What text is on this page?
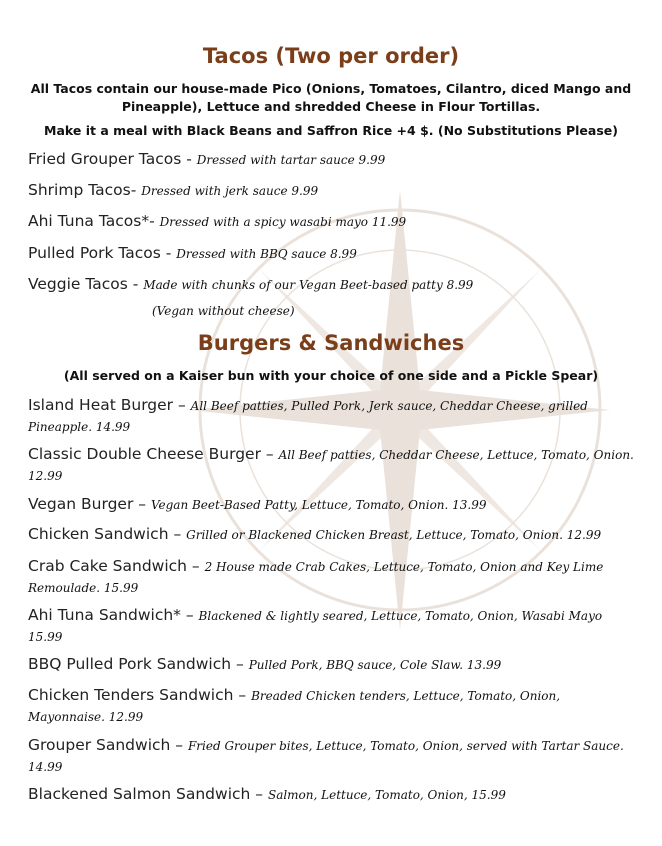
Tacos (Two per order)
All Tacos contain our house-made Pico (Onions, Tomatoes, Cilantro, diced Mango and Pineapple), Lettuce and shredded Cheese in Flour Tortillas.
Make it a meal with Black Beans and Saffron Rice +4 $. (No Substitutions Please)
Fried Grouper Tacos - Dressed with tartar sauce 9.99
Shrimp Tacos- Dressed with jerk sauce 9.99
Ahi Tuna Tacos*- Dressed with a spicy wasabi mayo 11.99
Pulled Pork Tacos - Dressed with BBQ sauce 8.99
Veggie Tacos - Made with chunks of our Vegan Beet-based patty 8.99
(Vegan without cheese)
Burgers & Sandwiches
(All served on a Kaiser bun with your choice of one side and a Pickle Spear)
Island Heat Burger – All Beef patties, Pulled Pork, Jerk sauce, Cheddar Cheese, grilled Pineapple. 14.99
Classic Double Cheese Burger – All Beef patties, Cheddar Cheese, Lettuce, Tomato, Onion. 12.99
Vegan Burger – Vegan Beet-Based Patty, Lettuce, Tomato, Onion. 13.99
Chicken Sandwich – Grilled or Blackened Chicken Breast, Lettuce, Tomato, Onion. 12.99
Crab Cake Sandwich – 2 House made Crab Cakes, Lettuce, Tomato, Onion and Key Lime Remoulade. 15.99
Ahi Tuna Sandwich* – Blackened & lightly seared, Lettuce, Tomato, Onion, Wasabi Mayo 15.99
BBQ Pulled Pork Sandwich – Pulled Pork, BBQ sauce, Cole Slaw. 13.99
Chicken Tenders Sandwich – Breaded Chicken tenders, Lettuce, Tomato, Onion, Mayonnaise. 12.99
Grouper Sandwich – Fried Grouper bites, Lettuce, Tomato, Onion, served with Tartar Sauce. 14.99
Blackened Salmon Sandwich – Salmon, Lettuce, Tomato, Onion, 15.99
